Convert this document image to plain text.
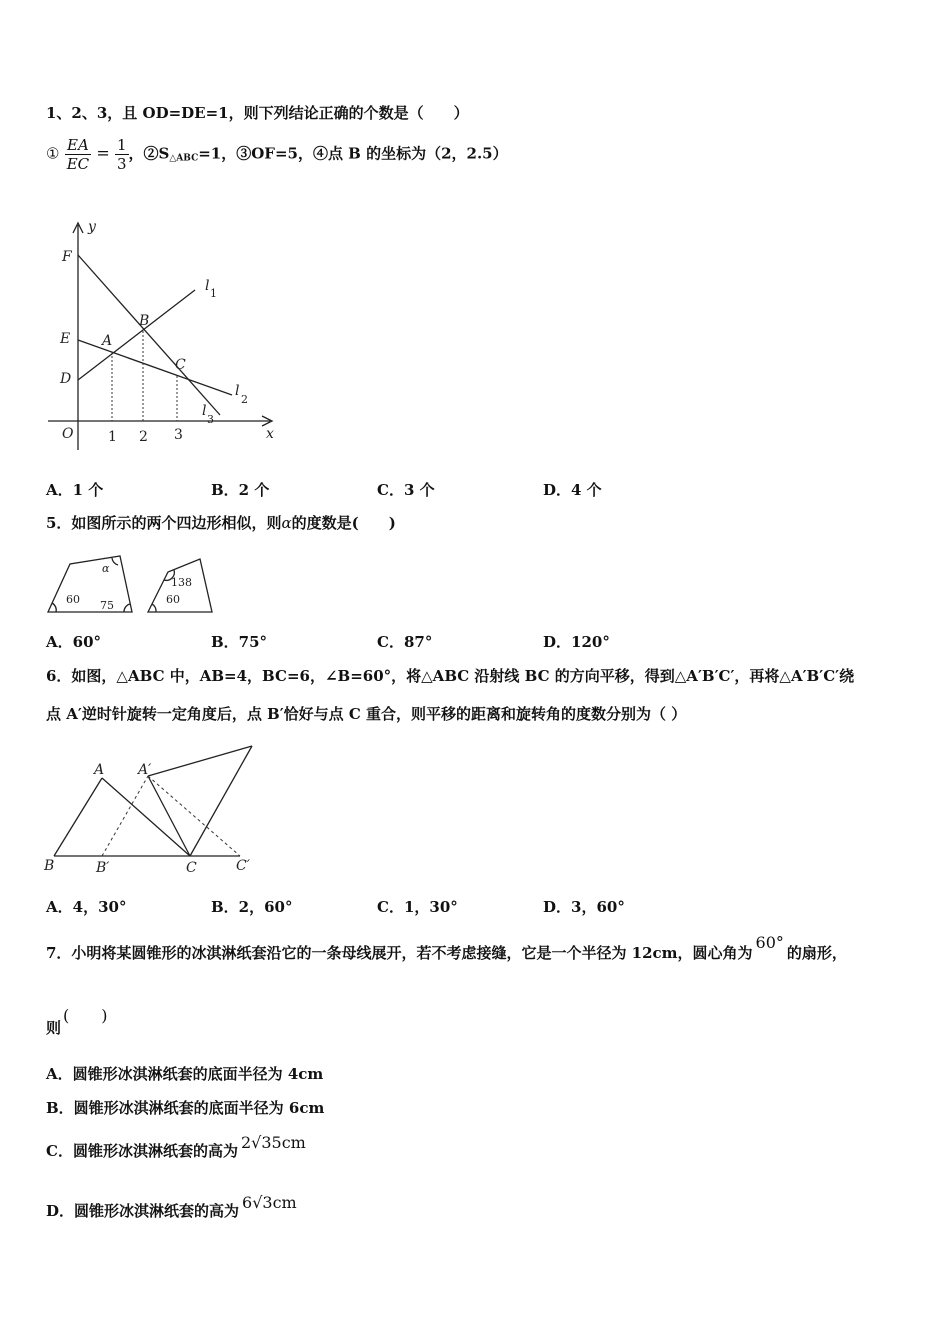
1、2、3，且 OD=DE=1，则下列结论正确的个数是（　　）
① $\frac{EA}{EC} = \frac{1}{3}$ ，$②S_{\triangle ABC}=1$，③OF=5，④点 B 的坐标为（2，2.5）
y
F
l 1
B
E A
C
l
2
D
l
3
O	x
1 2 3
A．1 个	B．2 个	C．3 个	D．4 个
5．如图所示的两个四边形相似，则α的度数是(　　)
α
60 75
138
60
A．60°	B．75°	C．87°	D．120°
6．如图，△ABC 中，AB=4，BC=6，∠B=60°，将△ABC 沿射线 BC 的方向平移，得到△A′B′C′，再将△A′B′C′绕
点 A′逆时针旋转一定角度后，点 B′恰好与点 C 重合，则平移的距离和旋转角的度数分别为（ ）
A A′
B	B′	C	C′
A．4，30°	B．2，60°	C．1，30°	D．3，60°
7．小明将某圆锥形的冰淇淋纸套沿它的一条母线展开，若不考虑接缝，它是一个半径为 12cm，圆心角为60°的扇形，
则(　　)
A．圆锥形冰淇淋纸套的底面半径为 4cm
B．圆锥形冰淇淋纸套的底面半径为 6cm
C．圆锥形冰淇淋纸套的高为 2√35cm
D．圆锥形冰淇淋纸套的高为 6√3cm
